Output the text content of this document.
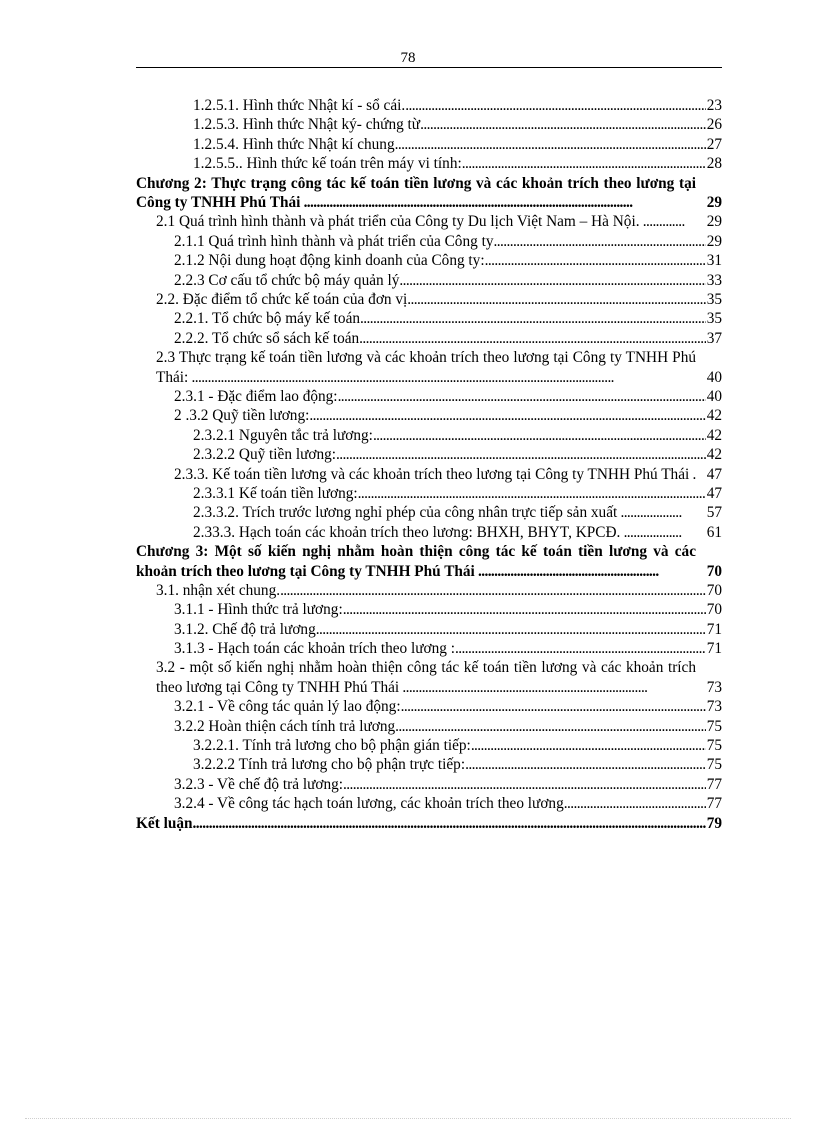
78
1.2.5.1. Hình thức Nhật kí - sổ cái. . . .	23
1.2.5.3. Hình thức Nhật ký- chứng từ . . .	26
1.2.5.4. Hình thức Nhật kí chung . . .	27
1.2.5.5.. Hình thức kế toán trên máy vi tính: . . .	28
Chương 2: Thực trạng công tác kế toán tiền lương và các khoản trích theo lương tại Công ty TNHH Phú Thái ......................................................................................................	29
2.1 Quá trình hình thành và phát triển của Công ty Du lịch Việt Nam – Hà Nội. .............	29
2.1.1 Quá trình hình thành và phát triển của Công ty . . .	29
2.1.2 Nội dung hoạt động kinh doanh của Công ty: . . .	31
2.2.3 Cơ cấu tổ chức bộ máy quản lý . . .	33
2.2. Đặc điểm tổ chức kế toán của đơn vị . . .	35
2.2.1. Tổ chức bộ máy kế toán . . .	35
2.2.2. Tổ chức sổ sách kế toán . . .	37
2.3 Thực trạng kế toán tiền lương và các khoản trích theo lương tại Công ty TNHH Phú Thái: ...................................................................................................................................	40
2.3.1 - Đặc điểm lao động: . . .	40
2 .3.2 Quỹ tiền lương: . . .	42
2.3.2.1 Nguyên tắc trả lương: . . .	42
2.3.2.2 Quỹ tiền lương: . . .	42
2.3.3. Kế toán tiền lương và các khoản trích theo lương tại Công ty TNHH Phú Thái . 47
2.3.3.1 Kế toán tiền lương: . . .	47
2.3.3.2. Trích trước lương nghỉ phép của công nhân trực tiếp sản xuất ...................	57
2.33.3. Hạch toán các khoản trích theo lương: BHXH, BHYT, KPCĐ. ..................	61
Chương 3: Một số kiến nghị nhằm hoàn thiện công tác kế toán tiền lương và các khoản trích theo lương tại Công ty TNHH Phú Thái ........................................................	70
3.1. nhận xét chung. . . .	70
3.1.1 - Hình thức trả lương: . . .	70
3.1.2. Chế độ trả lương . . .	71
3.1.3 - Hạch toán các khoản trích theo lương : . . .	71
3.2 - một số kiến nghị nhằm hoàn thiện công tác kế toán tiền lương và các khoản trích theo lương tại Công ty TNHH Phú Thái ............................................................................	73
3.2.1 - Về công tác quản lý lao động: . . .	73
3.2.2 Hoàn thiện cách tính trả lương . . .	75
3.2.2.1. Tính trả lương cho bộ phận gián tiếp: . . .	75
3.2.2.2 Tính trả lương cho bộ phận trực tiếp: . . .	75
3.2.3 - Về chế độ trả lương: . . .	77
3.2.4 - Về công tác hạch toán lương, các khoản trích theo lương . . .	77
Kết luận . . .	79
